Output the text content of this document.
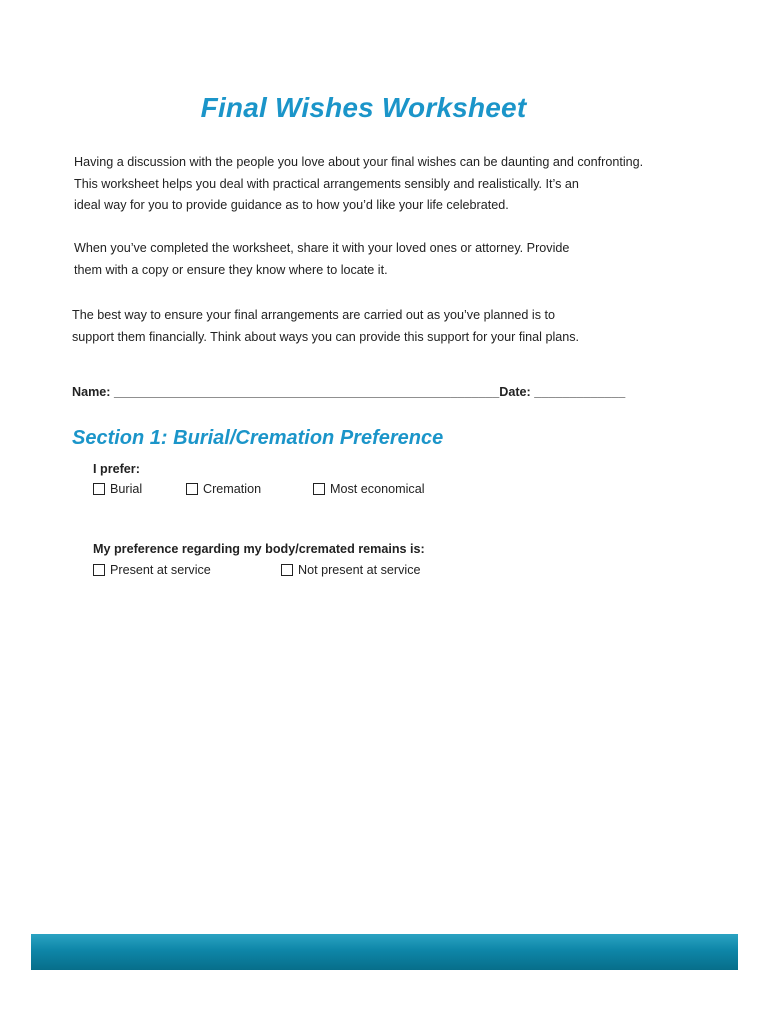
Final Wishes Worksheet
Having a discussion with the people you love about your final wishes can be daunting and confronting.
This worksheet helps you deal with practical arrangements sensibly and realistically. It’s an
ideal way for you to provide guidance as to how you’d like your life celebrated.
When you’ve completed the worksheet, share it with your loved ones or attorney. Provide
them with a copy or ensure they know where to locate it.
The best way to ensure your final arrangements are carried out as you’ve planned is to
support them financially. Think about ways you can provide this support for your final plans.
Name: _______________________________________________________Date: _____________
Section 1: Burial/Cremation Preference
I prefer:
Burial	Cremation	Most economical
My preference regarding my body/cremated remains is:
Present at service	Not present at service
